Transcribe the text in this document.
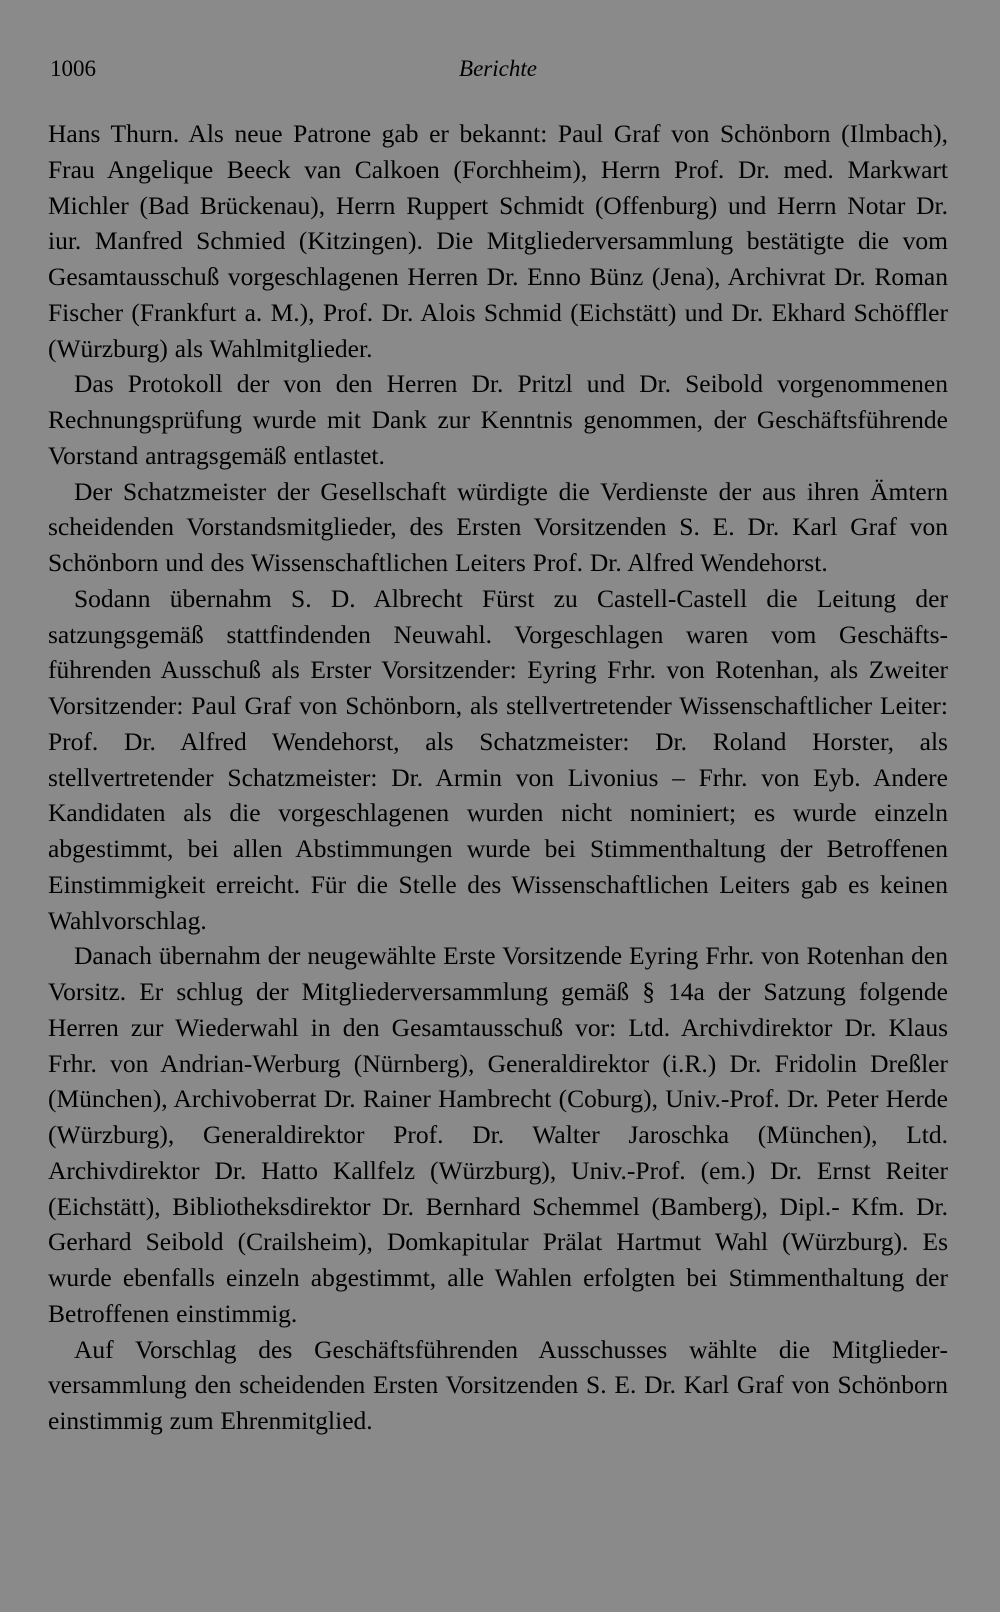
1006	Berichte

Hans Thurn. Als neue Patrone gab er bekannt: Paul Graf von Schönborn (Ilmbach), Frau Angelique Beeck van Calkoen (Forchheim), Herrn Prof. Dr. med. Markwart Michler (Bad Brückenau), Herrn Ruppert Schmidt (Offenburg) und Herrn Notar Dr. iur. Manfred Schmied (Kitzingen). Die Mitgliederversammlung bestätigte die vom Gesamtausschuß vorgeschlagenen Herren Dr. Enno Bünz (Jena), Archivrat Dr. Roman Fischer (Frankfurt a. M.), Prof. Dr. Alois Schmid (Eichstätt) und Dr. Ekhard Schöffler (Würzburg) als Wahlmitglieder.

Das Protokoll der von den Herren Dr. Pritzl und Dr. Seibold vorgenommenen Rechnungsprüfung wurde mit Dank zur Kenntnis genommen, der Geschäftsführende Vorstand antragsgemäß entlastet.

Der Schatzmeister der Gesellschaft würdigte die Verdienste der aus ihren Ämtern scheidenden Vorstandsmitglieder, des Ersten Vorsitzenden S. E. Dr. Karl Graf von Schönborn und des Wissenschaftlichen Leiters Prof. Dr. Alfred Wendehorst.

Sodann übernahm S. D. Albrecht Fürst zu Castell-Castell die Leitung der satzungsgemäß stattfindenden Neuwahl. Vorgeschlagen waren vom Geschäftsführenden Ausschuß als Erster Vorsitzender: Eyring Frhr. von Rotenhan, als Zweiter Vorsitzender: Paul Graf von Schönborn, als stellvertretender Wissenschaftlicher Leiter: Prof. Dr. Alfred Wendehorst, als Schatzmeister: Dr. Roland Horster, als stellvertretender Schatzmeister: Dr. Armin von Livonius – Frhr. von Eyb. Andere Kandidaten als die vorgeschlagenen wurden nicht nominiert; es wurde einzeln abgestimmt, bei allen Abstimmungen wurde bei Stimmenthaltung der Betroffenen Einstimmigkeit erreicht. Für die Stelle des Wissenschaftlichen Leiters gab es keinen Wahlvorschlag.

Danach übernahm der neugewählte Erste Vorsitzende Eyring Frhr. von Rotenhan den Vorsitz. Er schlug der Mitgliederversammlung gemäß § 14a der Satzung folgende Herren zur Wiederwahl in den Gesamtausschuß vor: Ltd. Archivdirektor Dr. Klaus Frhr. von Andrian-Werburg (Nürnberg), Generaldirektor (i.R.) Dr. Fridolin Dreßler (München), Archivoberrat Dr. Rainer Hambrecht (Coburg), Univ.-Prof. Dr. Peter Herde (Würzburg), Generaldirektor Prof. Dr. Walter Jaroschka (München), Ltd. Archivdirektor Dr. Hatto Kallfelz (Würzburg), Univ.-Prof. (em.) Dr. Ernst Reiter (Eichstätt), Bibliotheksdirektor Dr. Bernhard Schemmel (Bamberg), Dipl.- Kfm. Dr. Gerhard Seibold (Crailsheim), Domkapitular Prälat Hartmut Wahl (Würzburg). Es wurde ebenfalls einzeln abgestimmt, alle Wahlen erfolgten bei Stimmenthaltung der Betroffenen einstimmig.

Auf Vorschlag des Geschäftsführenden Ausschusses wählte die Mitgliederversammlung den scheidenden Ersten Vorsitzenden S. E. Dr. Karl Graf von Schönborn einstimmig zum Ehrenmitglied.
